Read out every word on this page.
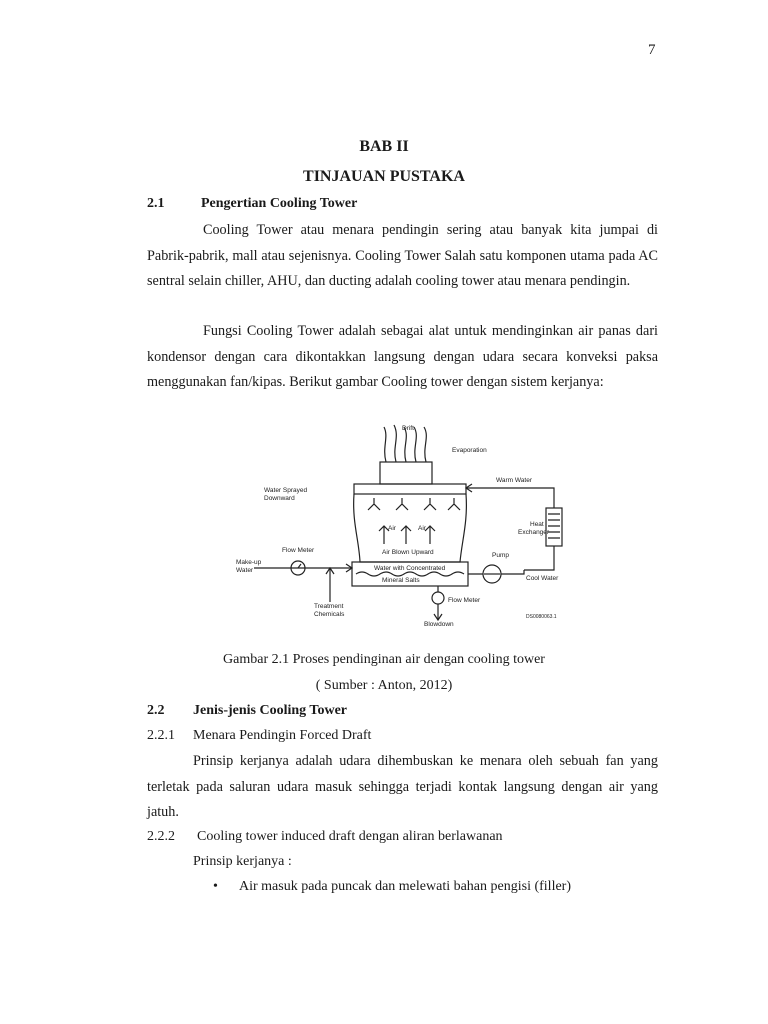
7
BAB II
TINJAUAN PUSTAKA
2.1	Pengertian Cooling Tower
Cooling Tower atau menara pendingin sering atau banyak kita jumpai di Pabrik-pabrik, mall atau sejenisnya. Cooling Tower Salah satu komponen utama pada AC sentral selain chiller, AHU, dan ducting adalah cooling tower atau menara pendingin.
Fungsi Cooling Tower adalah sebagai alat untuk mendinginkan air panas dari kondensor dengan cara dikontakkan langsung dengan udara secara konveksi paksa menggunakan fan/kipas. Berikut gambar Cooling tower dengan sistem kerjanya:
Drift
Evaporation
Warm Water
Water Sprayed
Downward
Air	Air
Air Blown Upward
Heat
Exchanger
Flow Meter
Make-up
Water	Water with Concentrated
Mineral Salts
Pump
Cool Water
Treatment
Chemicals
Flow Meter
Blowdown
DS0080063.1
Gambar 2.1 Proses pendinginan air dengan cooling tower
( Sumber : Anton, 2012)
2.2 Jenis-jenis Cooling Tower
2.2.1 Menara Pendingin Forced Draft
Prinsip kerjanya adalah udara dihembuskan ke menara oleh sebuah fan yang terletak pada saluran udara masuk sehingga terjadi kontak langsung dengan air yang jatuh.
2.2.2 Cooling tower induced draft dengan aliran berlawanan
Prinsip kerjanya :
• Air masuk pada puncak dan melewati bahan pengisi (filler)
